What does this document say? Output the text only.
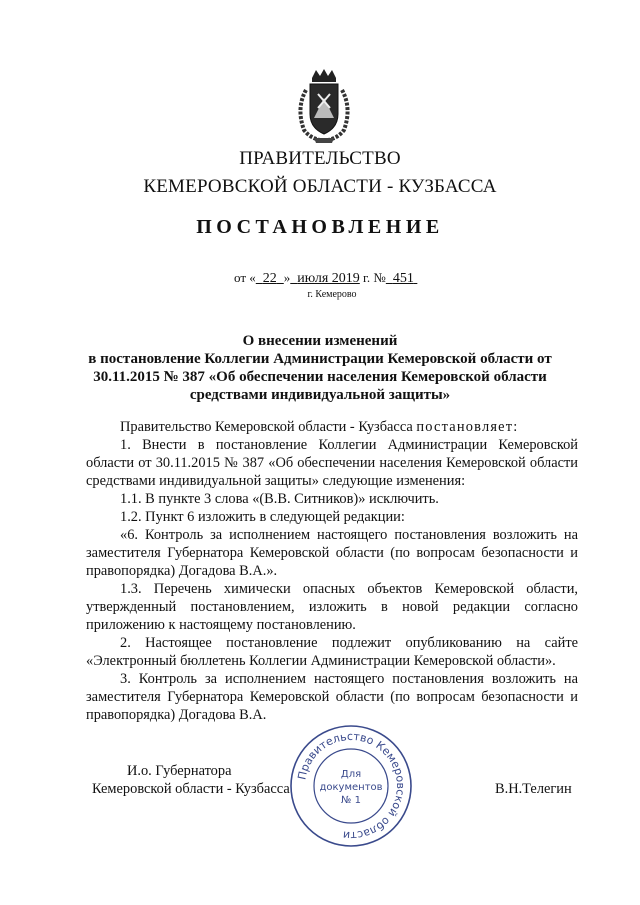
ПРАВИТЕЛЬСТВО
КЕМЕРОВСКОЙ ОБЛАСТИ - КУЗБАССА
ПОСТАНОВЛЕНИЕ
от « 22 » июля 2019 г. № 451
г. Кемерово
О внесении изменений
в постановление Коллегии Администрации Кемеровской области от
30.11.2015 № 387 «Об обеспечении населения Кемеровской области
средствами индивидуальной защиты»

Правительство Кемеровской области - Кузбасса постановляет:

1. Внести в постановление Коллегии Администрации Кемеровской области от 30.11.2015 № 387 «Об обеспечении населения Кемеровской области средствами индивидуальной защиты» следующие изменения:

1.1. В пункте 3 слова «(В.В. Ситников)» исключить.

1.2. Пункт 6 изложить в следующей редакции:

«6. Контроль за исполнением настоящего постановления возложить на заместителя Губернатора Кемеровской области (по вопросам безопасности и правопорядка) Догадова В.А.».

1.3. Перечень химически опасных объектов Кемеровской области, утвержденный постановлением, изложить в новой редакции согласно приложению к настоящему постановлению.

2. Настоящее постановление подлежит опубликованию на сайте «Электронный бюллетень Коллегии Администрации Кемеровской области».

3. Контроль за исполнением настоящего постановления возложить на заместителя Губернатора Кемеровской области (по вопросам безопасности и правопорядка) Догадова В.А.

Правительство Кемеровской области
Для
документов
№ 1
И.о. Губернатора
Кемеровской области - Кузбасса	В.Н.Телегин
